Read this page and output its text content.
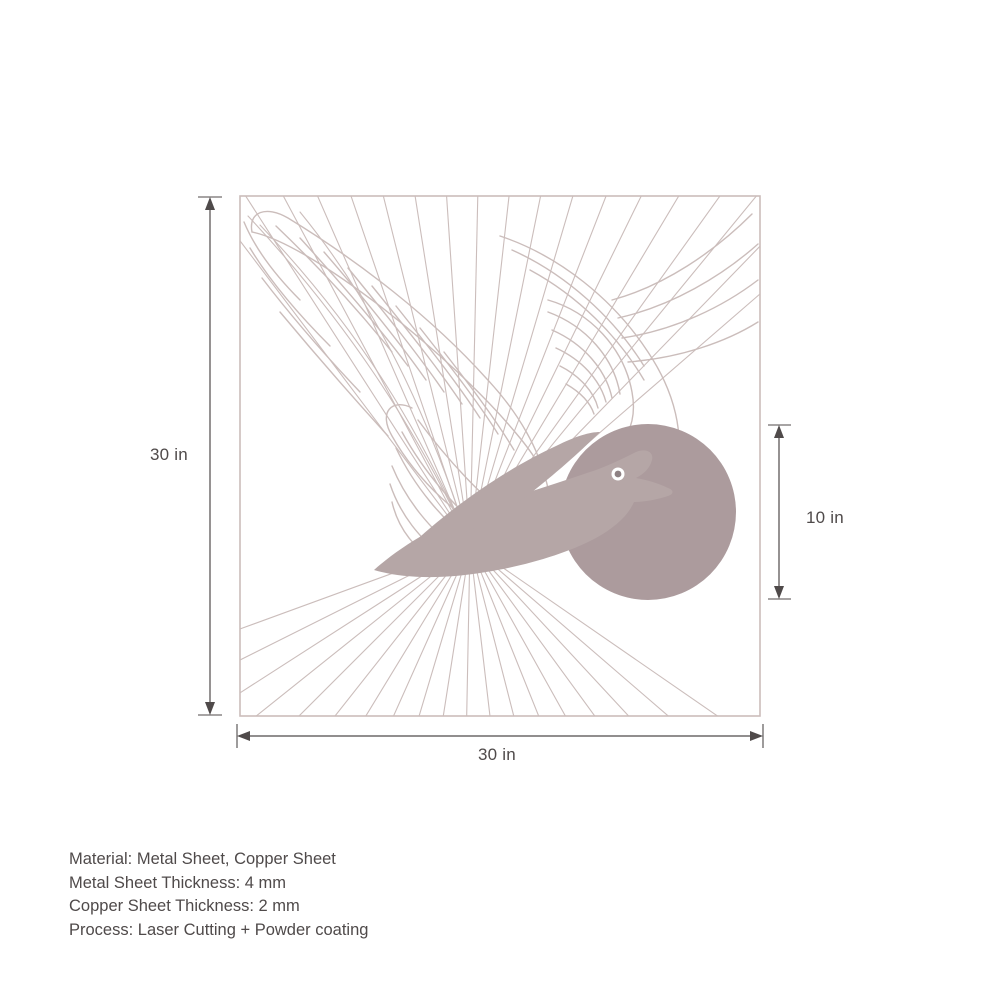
30 in
30 in
10 in
Material: Metal Sheet, Copper Sheet
Metal Sheet Thickness: 4 mm
Copper Sheet Thickness: 2 mm
Process: Laser Cutting + Powder coating
